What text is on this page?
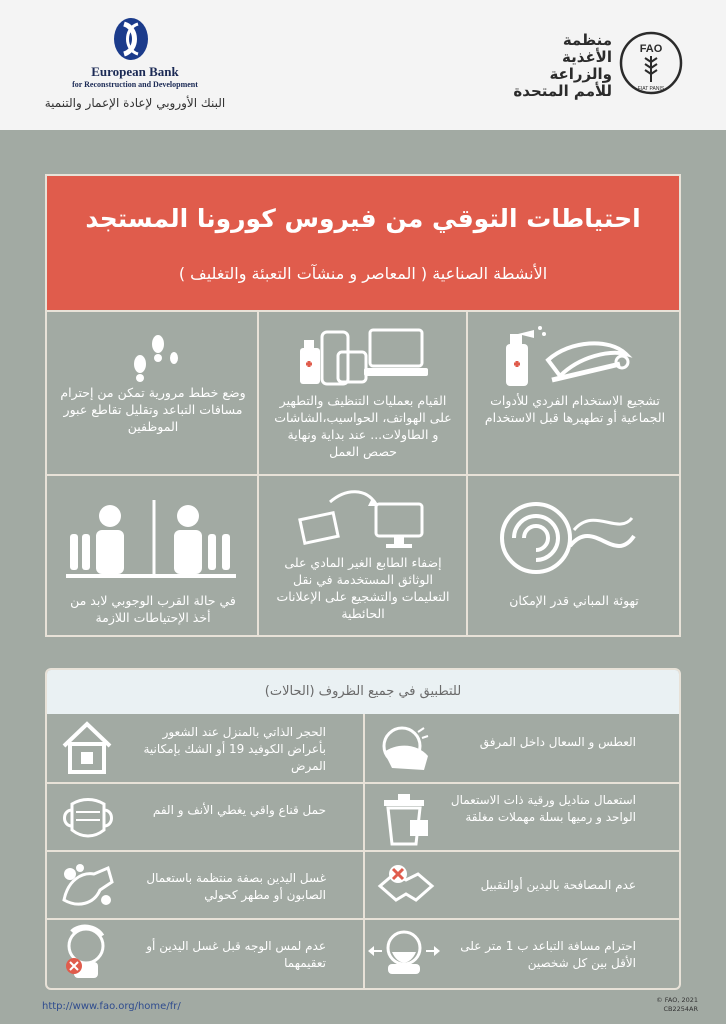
European Bank
for Reconstruction and Development
البنك الأوروبي لإعادة الإعمار والتنمية
منظمة
الأغذية والزراعة
للأمم المتحدة
FAO
FIAT PANIS
احتياطات التوقي من فيروس كورونا المستجد
الأنشطة الصناعية ( المعاصر و منشآت التعبئة والتغليف )
تشجيع الاستخدام الفردي للأدوات الجماعية أو تطهيرها قبل الاستخدام
القيام بعمليات التنظيف والتطهير على الهواتف، الحواسيب،الشاشات و الطاولات... عند بداية ونهاية حصص العمل
وضع خطط مرورية تمكن من إحترام مسافات التباعد وتقليل تقاطع عبور الموظفين
تهوئة المباني قدر الإمكان
إضفاء الطابع الغير المادي على الوثائق المستخدمة في نقل التعليمات والتشجيع على الإعلانات الحائطية
في حالة القرب الوجوبي لابد من أخذ الإحتياطات اللازمة
للتطبيق في جميع الظروف (الحالات)
العطس و السعال داخل المرفق
الحجر الذاتي بالمنزل عند الشعور بأعراض الكوفيد 19 أو الشك بإمكانية المرض
استعمال مناديل ورقية ذات الاستعمال الواحد و رميها بسلة مهملات مغلقة
حمل قناع واقي يغطي الأنف و الفم
عدم المصافحة باليدين أوالتقبيل
غسل اليدين بصفة منتظمة باستعمال الصابون أو مطهر كحولي
احترام مسافة التباعد ب 1 متر على الأقل بين كل شخصين
عدم لمس الوجه قبل غسل اليدين أو تعقيمهما
http://www.fao.org/home/fr/
© FAO, 2021
CB2254AR
